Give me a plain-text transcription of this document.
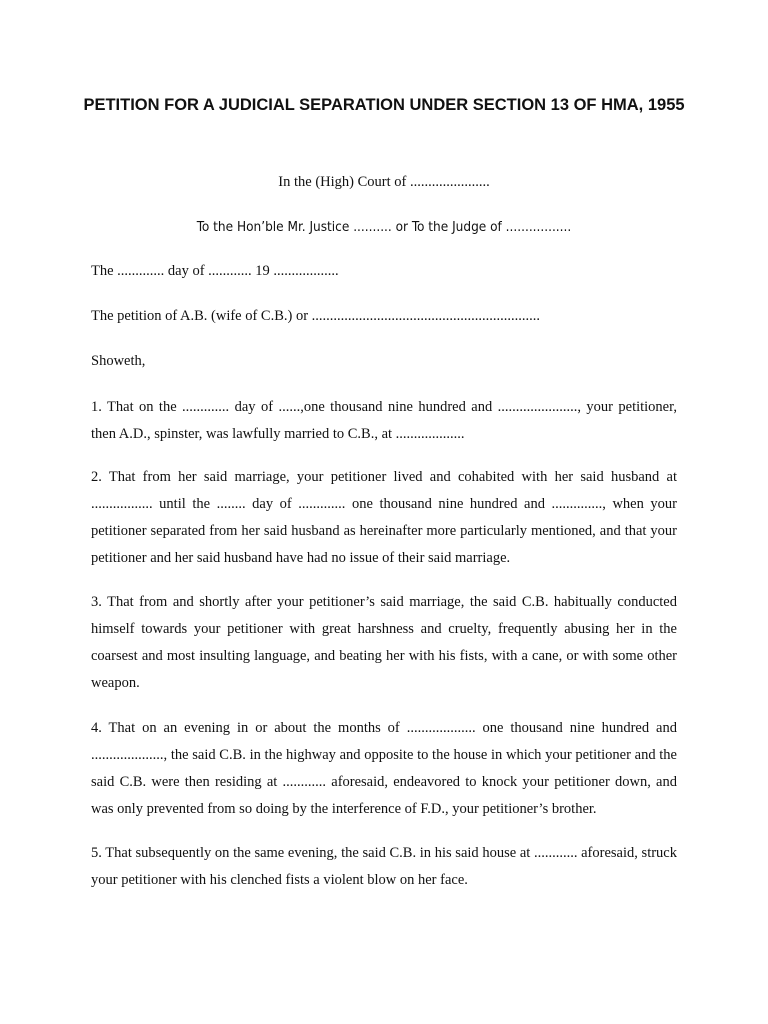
PETITION FOR A JUDICIAL SEPARATION UNDER SECTION 13 OF HMA, 1955

In the (High) Court of ......................

To the Hon’ble Mr. Justice .......... or To the Judge of .................

The ............. day of ............ 19 ..................

The petition of A.B. (wife of C.B.) or ...............................................................

Showeth,

1. That on the ............. day of ......,one thousand nine hundred and ......................, your petitioner, then A.D., spinster, was lawfully married to C.B., at ...................

2. That from her said marriage, your petitioner lived and cohabited with her said husband at ................. until the ........ day of ............. one thousand nine hundred and .............., when your petitioner separated from her said husband as hereinafter more particularly mentioned, and that your petitioner and her said husband have had no issue of their said marriage.

3. That from and shortly after your petitioner’s said marriage, the said C.B. habitually conducted himself towards your petitioner with great harshness and cruelty, frequently abusing her in the coarsest and most insulting language, and beating her with his fists, with a cane, or with some other weapon.

4. That on an evening in or about the months of ................... one thousand nine hundred and ...................., the said C.B. in the highway and opposite to the house in which your petitioner and the said C.B. were then residing at ............ aforesaid, endeavored to knock your petitioner down, and was only prevented from so doing by the interference of F.D., your petitioner’s brother.

5. That subsequently on the same evening, the said C.B. in his said house at ............ aforesaid, struck your petitioner with his clenched fists a violent blow on her face.
